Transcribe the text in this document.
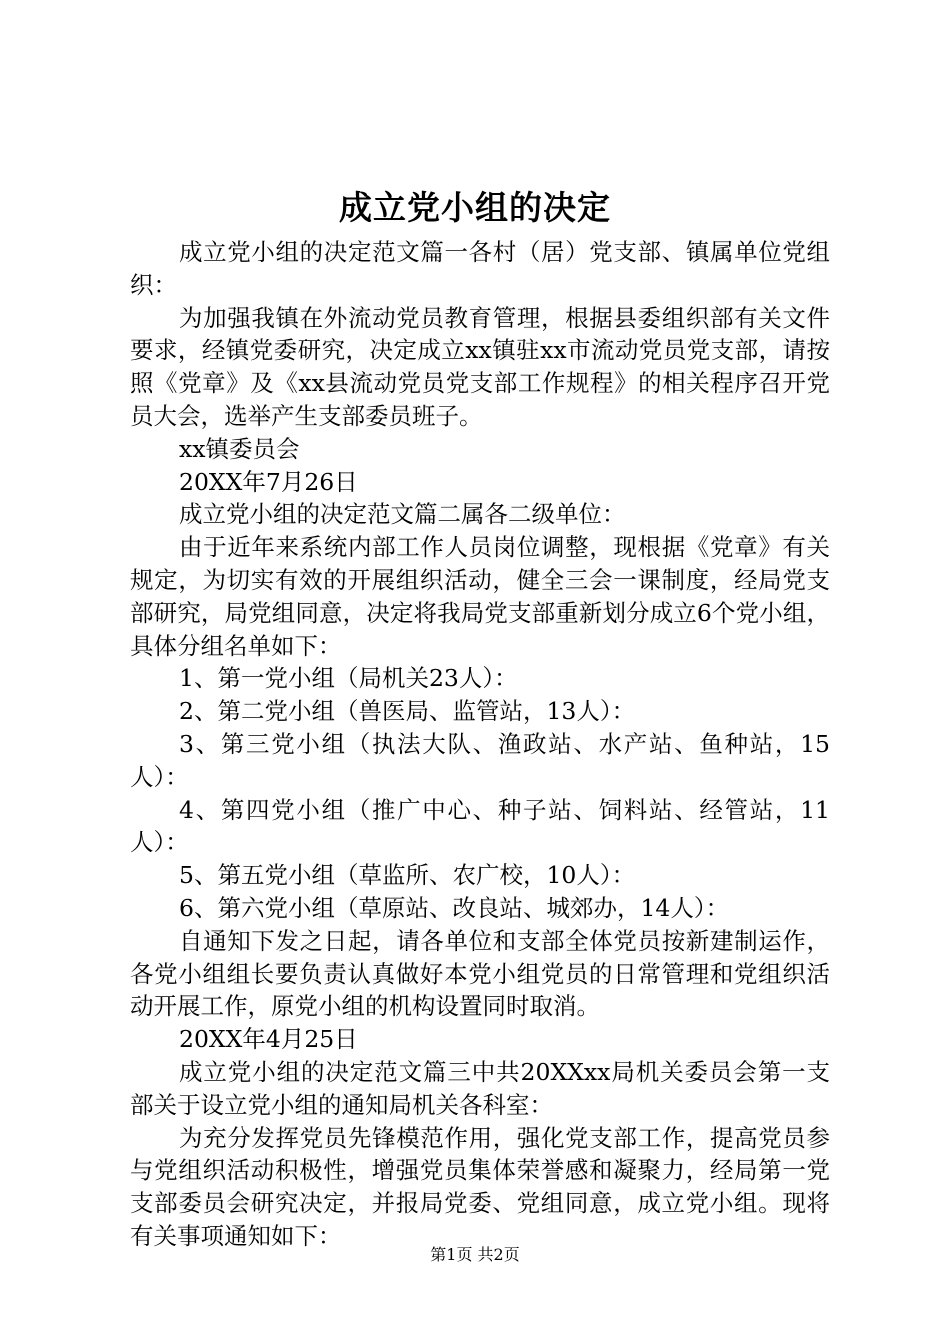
成立党小组的决定

成立党小组的决定范文篇一各村（居）党支部、镇属单位党组织：

为加强我镇在外流动党员教育管理，根据县委组织部有关文件要求，经镇党委研究，决定成立xx镇驻xx市流动党员党支部，请按照《党章》及《xx县流动党员党支部工作规程》的相关程序召开党员大会，选举产生支部委员班子。

xx镇委员会

20XX年7月26日

成立党小组的决定范文篇二属各二级单位：

由于近年来系统内部工作人员岗位调整，现根据《党章》有关规定，为切实有效的开展组织活动，健全三会一课制度，经局党支部研究，局党组同意，决定将我局党支部重新划分成立6个党小组，具体分组名单如下：

1、第一党小组（局机关23人）：

2、第二党小组（兽医局、监管站，13人）：

3、第三党小组（执法大队、渔政站、水产站、鱼种站，15人）：

4、第四党小组（推广中心、种子站、饲料站、经管站，11人）：

5、第五党小组（草监所、农广校，10人）：

6、第六党小组（草原站、改良站、城郊办，14人）：

自通知下发之日起，请各单位和支部全体党员按新建制运作，各党小组组长要负责认真做好本党小组党员的日常管理和党组织活动开展工作，原党小组的机构设置同时取消。

20XX年4月25日

成立党小组的决定范文篇三中共20XXxx局机关委员会第一支部关于设立党小组的通知局机关各科室：

为充分发挥党员先锋模范作用，强化党支部工作，提高党员参与党组织活动积极性，增强党员集体荣誉感和凝聚力，经局第一党支部委员会研究决定，并报局党委、党组同意，成立党小组。现将有关事项通知如下：

第1页 共2页
